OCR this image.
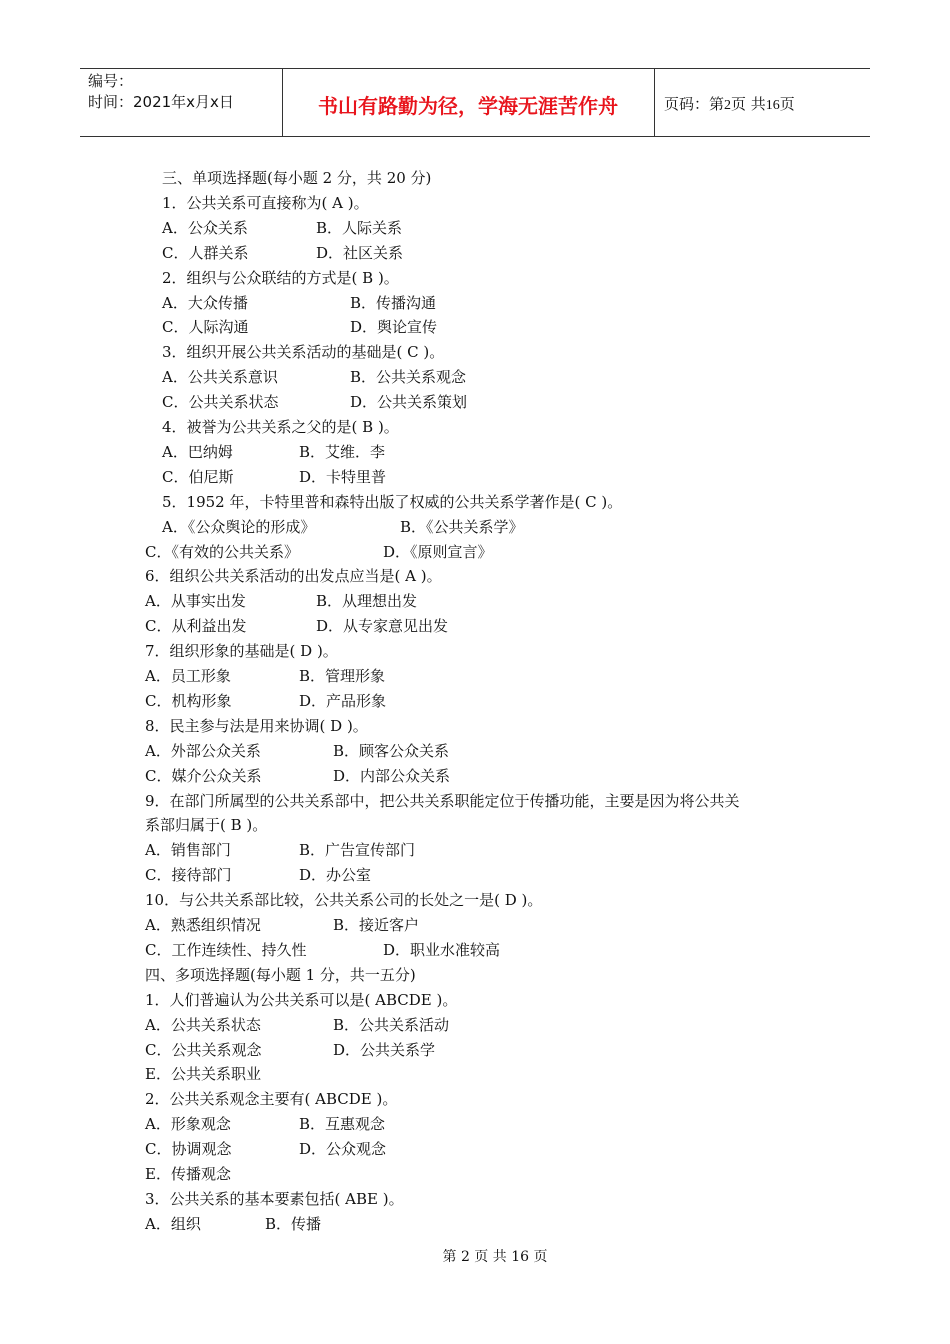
编号：
时间：2021年x月x日	书山有路勤为径，学海无涯苦作舟	页码：第2页 共16页
三、单项选择题(每小题 2 分，共 20 分)
1．公共关系可直接称为( A )。
A．公众关系	B．人际关系
C．人群关系	D．社区关系
2．组织与公众联结的方式是( B )。
A．大众传播	B．传播沟通
C．人际沟通	D．舆论宣传
3．组织开展公共关系活动的基础是( C )。
A．公共关系意识	B．公共关系观念
C．公共关系状态	D．公共关系策划
4．被誉为公共关系之父的是( B )。
A．巴纳姆	B．艾维．李
C．伯尼斯	D．卡特里普
5．1952 年，卡特里普和森特出版了权威的公共关系学著作是( C )。
A．《公众舆论的形成》	B．《公共关系学》
C．《有效的公共关系》	D．《原则宣言》
6．组织公共关系活动的出发点应当是( A )。
A．从事实出发	B．从理想出发
C．从利益出发	D．从专家意见出发
7．组织形象的基础是( D )。
A．员工形象	B．管理形象
C．机构形象	D．产品形象
8．民主参与法是用来协调( D )。
A．外部公众关系	B．顾客公众关系
C．媒介公众关系	D．内部公众关系
9．在部门所属型的公共关系部中，把公共关系职能定位于传播功能，主要是因为将公共关
系部归属于( B )。
A．销售部门	B．广告宣传部门
C．接待部门	D．办公室
10．与公共关系部比较，公共关系公司的长处之一是( D )。
A．熟悉组织情况	B．接近客户
C．工作连续性、持久性	D．职业水准较高
四、多项选择题(每小题 1 分，共一五分)
1．人们普遍认为公共关系可以是( ABCDE )。
A．公共关系状态	B．公共关系活动
C．公共关系观念	D．公共关系学
E．公共关系职业
2．公共关系观念主要有( ABCDE )。
A．形象观念	B．互惠观念
C．协调观念	D．公众观念
E．传播观念
3．公共关系的基本要素包括( ABE )。
A．组织	B．传播
第 2 页 共 16 页
